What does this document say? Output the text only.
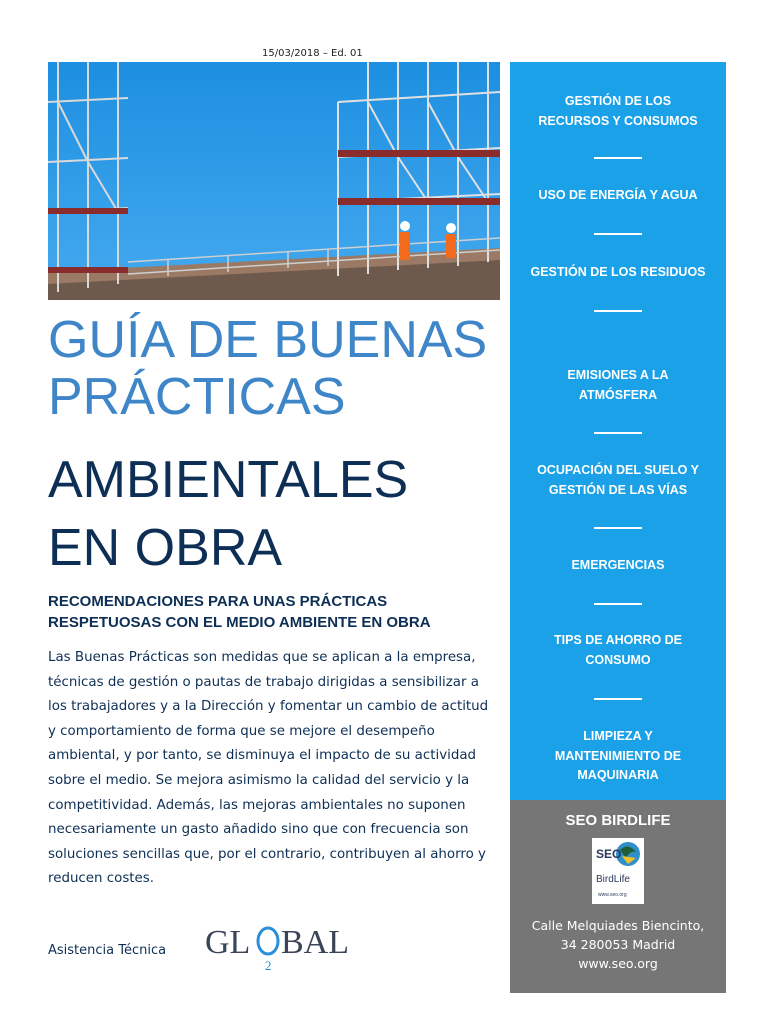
15/03/2018 – Ed. 01
GUÍA DE BUENAS
PRÁCTICAS
AMBIENTALES
EN OBRA
RECOMENDACIONES PARA UNAS PRÁCTICAS
RESPETUOSAS CON EL MEDIO AMBIENTE EN OBRA
Las Buenas Prácticas son medidas que se aplican a la empresa, técnicas de gestión o pautas de trabajo dirigidas a sensibilizar a los trabajadores y a la Dirección y fomentar un cambio de actitud y comportamiento de forma que se mejore el desempeño ambiental, y por tanto, se disminuya el impacto de su actividad sobre el medio. Se mejora asimismo la calidad del servicio y la competitividad. Además, las mejoras ambientales no suponen necesariamente un gasto añadido sino que con frecuencia son soluciones sencillas que, por el contrario, contribuyen al ahorro y reducen costes.
Asistencia Técnica GL
2
BAL
GESTIÓN DE LOS
RECURSOS Y CONSUMOS
USO DE ENERGÍA Y AGUA
GESTIÓN DE LOS RESIDUOS
EMISIONES A LA
ATMÓSFERA
OCUPACIÓN DEL SUELO Y
GESTIÓN DE LAS VÍAS
EMERGENCIAS
TIPS DE AHORRO DE
CONSUMO
LIMPIEZA Y
MANTENIMIENTO DE
MAQUINARIA
SEO BIRDLIFE
SEO
BirdLife
www.seo.org
Calle Melquiades Biencinto,
34 280053 Madrid
www.seo.org
